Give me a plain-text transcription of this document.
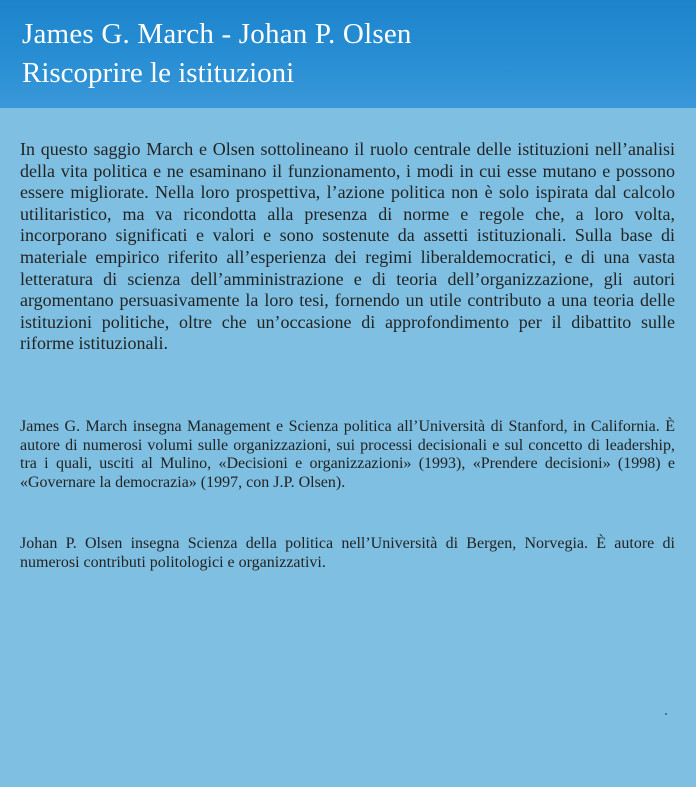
James G. March - Johan P. Olsen
Riscoprire le istituzioni

In questo saggio March e Olsen sottolineano il ruolo centrale delle istituzioni nell’analisi della vita politica e ne esaminano il funzionamento, i modi in cui esse mutano e possono essere migliorate. Nella loro prospettiva, l’azione politica non è solo ispirata dal calcolo utilitaristico, ma va ricondotta alla presenza di norme e regole che, a loro volta, incorporano significati e valori e sono sostenute da assetti istituzionali. Sulla base di materiale empirico riferito all’esperienza dei regimi liberaldemocratici, e di una vasta letteratura di scienza dell’amministrazione e di teoria dell’organizzazione, gli autori argomentano persuasivamente la loro tesi, fornendo un utile contributo a una teoria delle istituzioni politiche, oltre che un’occasione di approfondimento per il dibattito sulle riforme istituzionali.

James G. March insegna Management e Scienza politica all’Università di Stanford, in California. È autore di numerosi volumi sulle organizzazioni, sui processi decisionali e sul concetto di leadership, tra i quali, usciti al Mulino, «Decisioni e organizzazioni» (1993), «Prendere decisioni» (1998) e «Governare la democrazia» (1997, con J.P. Olsen).

Johan P. Olsen insegna Scienza della politica nell’Università di Bergen, Norvegia. È autore di numerosi contributi politologici e organizzativi.
